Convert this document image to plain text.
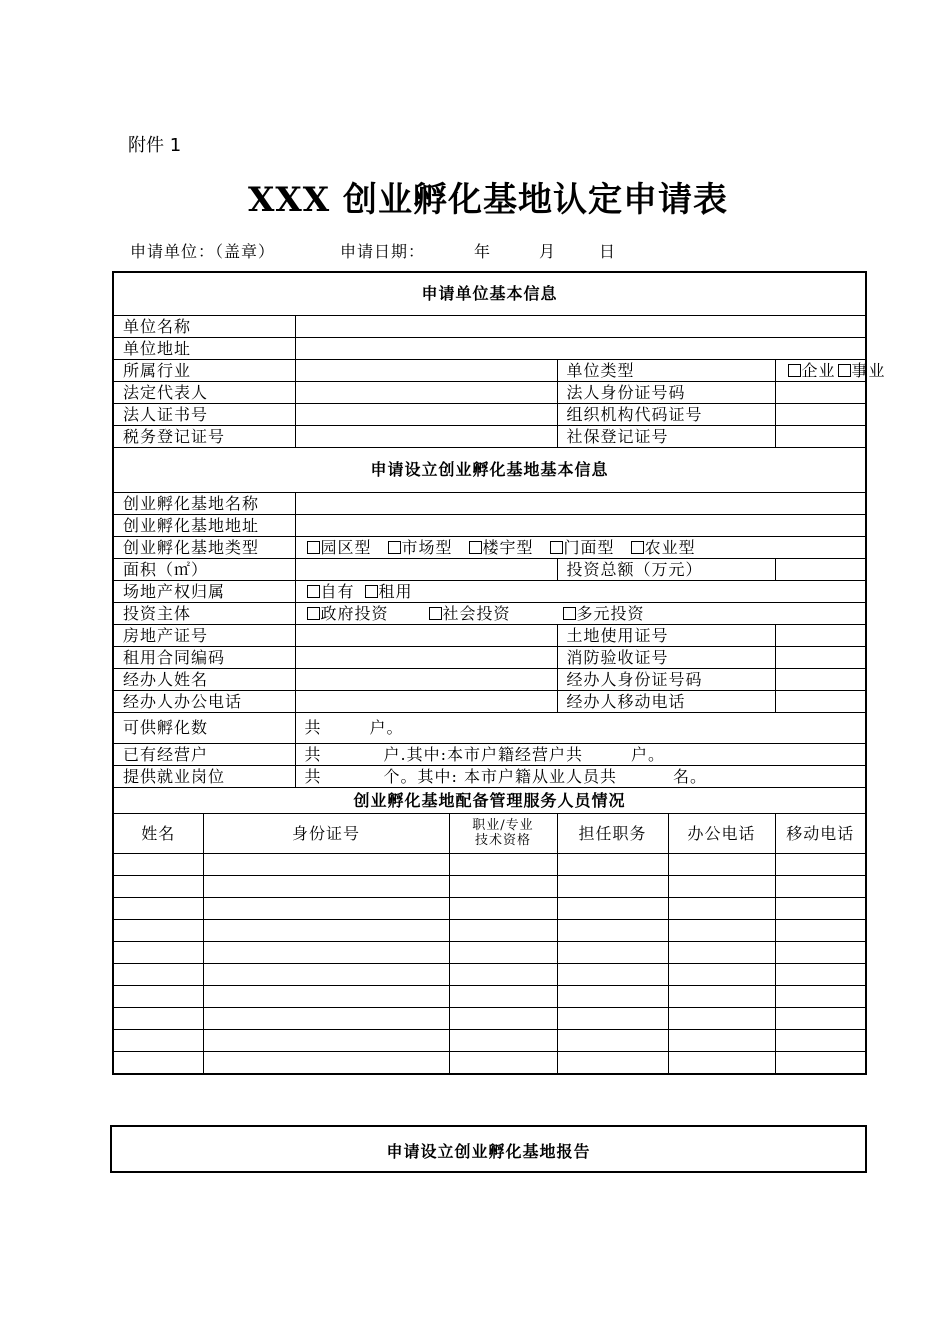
附件 1
XXX 创业孵化基地认定申请表
申请单位：（盖章）	申请日期：	年	月	日
申请单位基本信息						
单位名称						
单位地址						
所属行业				单位类型		企业 事业
法定代表人				法人身份证号码		
法人证书号				组织机构代码证号		
税务登记证号				社保登记证号		
申请设立创业孵化基地基本信息						
创业孵化基地名称						
创业孵化基地地址						
创业孵化基地类型		园区型 市场型 楼宇型 门面型 农业型				
面积（㎡）				投资总额（万元）		
场地产权归属		自有 租用				
投资主体		政府投资 社会投资 多元投资				
房地产证号				土地使用证号		
租用合同编码				消防验收证号		
经办人姓名				经办人身份证号码		
经办人办公电话				经办人移动电话		
可供孵化数		共 户。				
已有经营户		共 户.其中:本市户籍经营户共 户。				
提供就业岗位		共 个。其中: 本市户籍从业人员共 名。				
创业孵化基地配备管理服务人员情况						
姓名	身份证号		职业/专业
技术资格	担任职务	办公电话	移动电话

申请设立创业孵化基地报告
